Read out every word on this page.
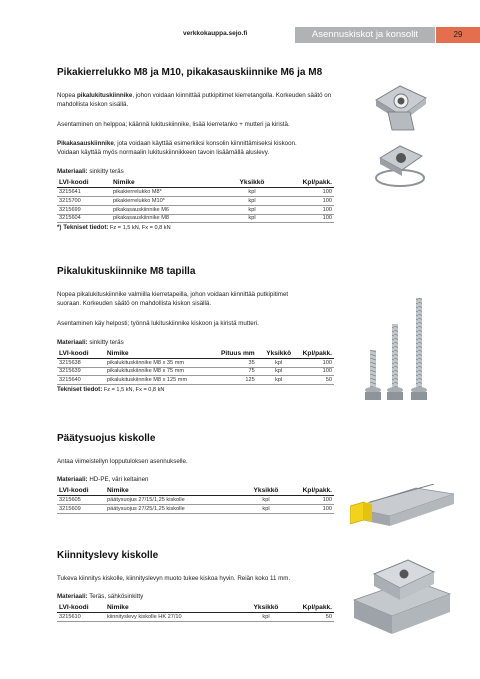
verkkokauppa.sejo.fi	Asennuskiskot ja konsolit	29
Pikakierrelukko M8 ja M10, pikakasauskiinnike M6 ja M8

Nopea pikalukituskiinnike, johon voidaan kiinnittää putkipitimet kierretangolla. Korkeuden säätö on mahdollista kiskon sisällä.

Asentaminen on helppoa; käännä lukituskiinnike, lisää kierretanko + mutteri ja kiristä.

Pikakasauskiinnike, jota voidaan käyttää esimerkiksi konsolin kiinnittämiseksi kiskoon. Voidaan käyttää myös normaalin lukituskiinnikkeen tavoin lisäämällä aluslevy.

Materiaali: sinkitty teräs
LVI-koodi	Nimike	Yksikkö	Kpl/pakk.
3215641	pikakierrelukko M8*	kpl	100
3215700	pikakierrelukko M10*	kpl	100
3215699	pikakasauskiinnike M6	kpl	100
3215604	pikakasauskiinnike M8	kpl	100
*) Tekniset tiedot: Fz = 1,5 kN, Fx = 0,8 kN
Pikalukituskiinnike M8 tapilla

Nopea pikalukituskiinnike valmiilla kierretapeilla, johon voidaan kiinnittää putkipitimet suoraan. Korkeuden säätö on mahdollista kiskon sisällä.

Asentaminen käy helposti; työnnä lukituskiinnike kiskoon ja kiristä mutteri.

Materiaali: sinkitty teräs
LVI-koodi	Nimike	Pituus mm	Yksikkö	Kpl/pakk.
3215638	pikalukituskiinnike M8 x 35 mm	35	kpl	100
3215639	pikalukituskiinnike M8 x 75 mm	75	kpl	100
3215640	pikalukituskiinnike M8 x 125 mm	125	kpl	50
Tekniset tiedot: Fz = 1,5 kN, Fx = 0,8 kN
Päätysuojus kiskolle

Antaa viimeistellyn lopputuloksen asennukselle.

Materiaali: HD-PE, väri keltainen
LVI-koodi	Nimike	Yksikkö	Kpl/pakk.
3215605	päätysuojus 27/15/1,25 kiskolle	kpl	100
3215609	päätysuojus 27/25/1,25 kiskolle	kpl	100
Kiinnityslevy kiskolle

Tukeva kiinnitys kiskolle, kiinnityslevyn muoto tukee kiskoa hyvin. Reiän koko 11 mm.

Materiaali: Teräs, sähkösinkitty
LVI-koodi	Nimike	Yksikkö	Kpl/pakk.
3215610	kiinnityslevy kiskolle HK 27/10	kpl	50
